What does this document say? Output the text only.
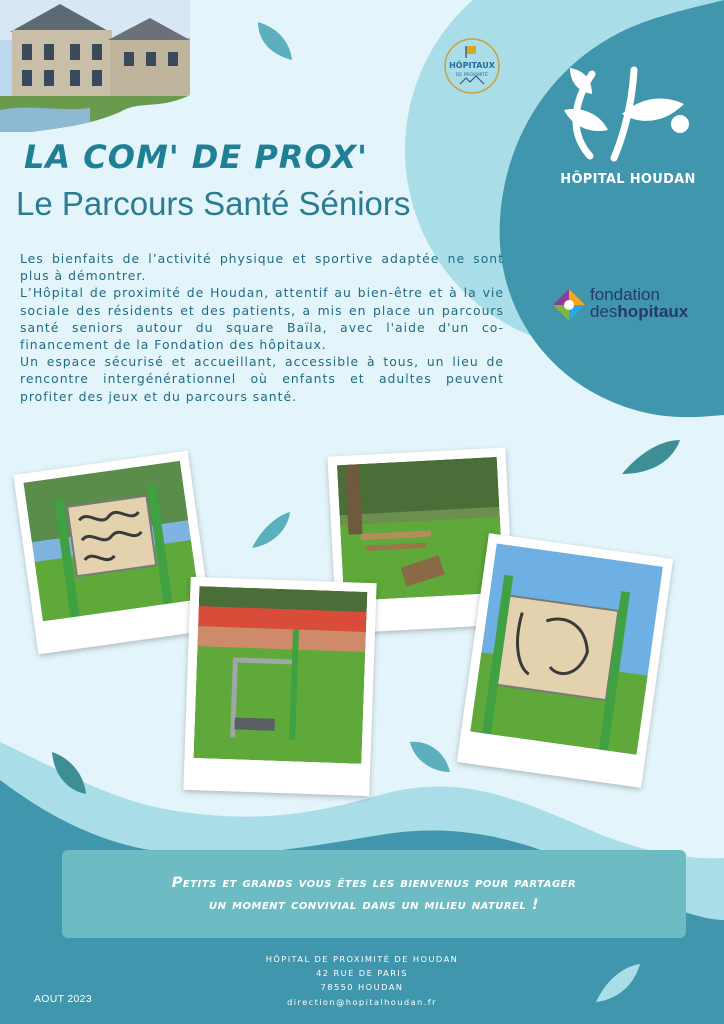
HÔPITAUX
DE PROXIMITÉ
HÔPITAL HOUDAN
fondation
deshopitaux
LA COM' DE PROX'
Le Parcours Santé Séniors

Les bienfaits de l’activité physique et sportive adaptée ne sont plus à démontrer.

L’Hôpital de proximité de Houdan, attentif au bien-être et à la vie sociale des résidents et des patients, a mis en place un parcours santé seniors autour du square Baïla, avec l'aide d'un co-financement de la Fondation des hôpitaux.

Un espace sécurisé et accueillant, accessible à tous, un lieu de rencontre intergénérationnel où enfants et adultes peuvent profiter des jeux et du parcours santé.

Petits et grands vous êtes les bienvenus pour partager
un moment convivial dans un milieu naturel !
HÔPITAL DE PROXIMITÉ DE HOUDAN
42 RUE DE PARIS
78550 HOUDAN
direction@hopitalhoudan.fr
AOUT 2023
